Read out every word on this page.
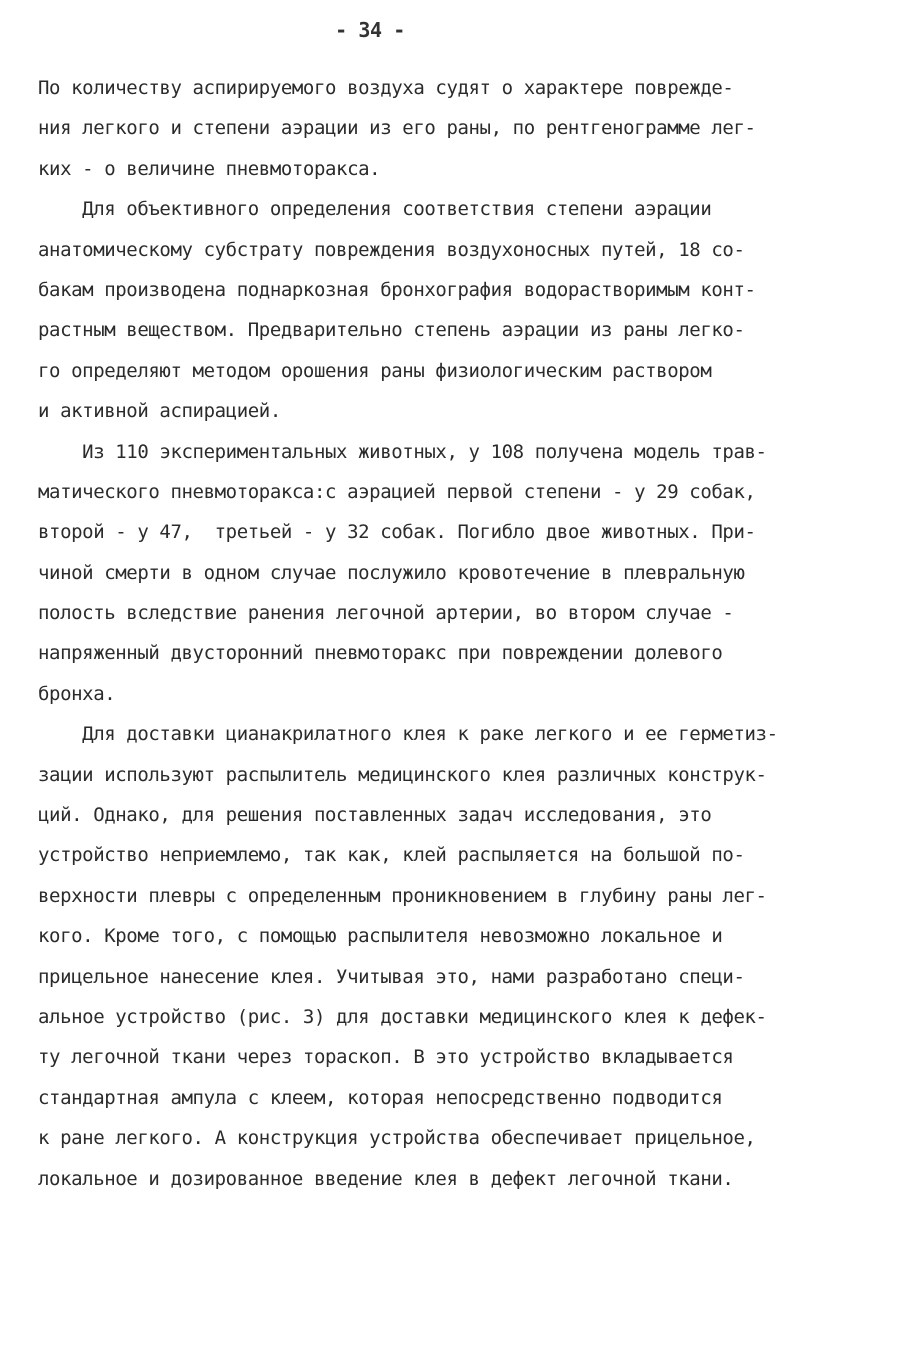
- 34 -
По количеству аспирируемого воздуха судят о характере поврежде-
ния легкого и степени аэрации из его раны, по рентгенограмме лег-
ких - о величине пневмоторакса.
Для объективного определения соответствия степени аэрации
анатомическому субстрату повреждения воздухоносных путей, 18 со-
бакам производена поднаркозная бронхография водорастворимым конт-
растным веществом. Предварительно степень аэрации из раны легко-
го определяют методом орошения раны физиологическим раствором
и активной аспирацией.
Из 110 экспериментальных животных, у 108 получена модель трав-
матического пневмоторакса:с аэрацией первой степени - у 29 собак,
второй - у 47,  третьей - у 32 собак. Погибло двое животных. При-
чиной смерти в одном случае послужило кровотечение в плевральную
полость вследствие ранения легочной артерии, во втором случае -
напряженный двусторонний пневмоторакс при повреждении долевого
бронха.
Для доставки цианакрилатного клея к раке легкого и ее герметиз-
зации используют распылитель медицинского клея различных конструк-
ций. Однако, для решения поставленных задач исследования, это
устройство неприемлемо, так как, клей распыляется на большой по-
верхности плевры с определенным проникновением в глубину раны лег-
кого. Кроме того, с помощью распылителя невозможно локальное и
прицельное нанесение клея. Учитывая это, нами разработано специ-
альное устройство (рис. 3) для доставки медицинского клея к дефек-
ту легочной ткани через тораскоп. В это устройство вкладывается
стандартная ампула с клеем, которая непосредственно подводится
к ране легкого. А конструкция устройства обеспечивает прицельное,
локальное и дозированное введение клея в дефект легочной ткани.
